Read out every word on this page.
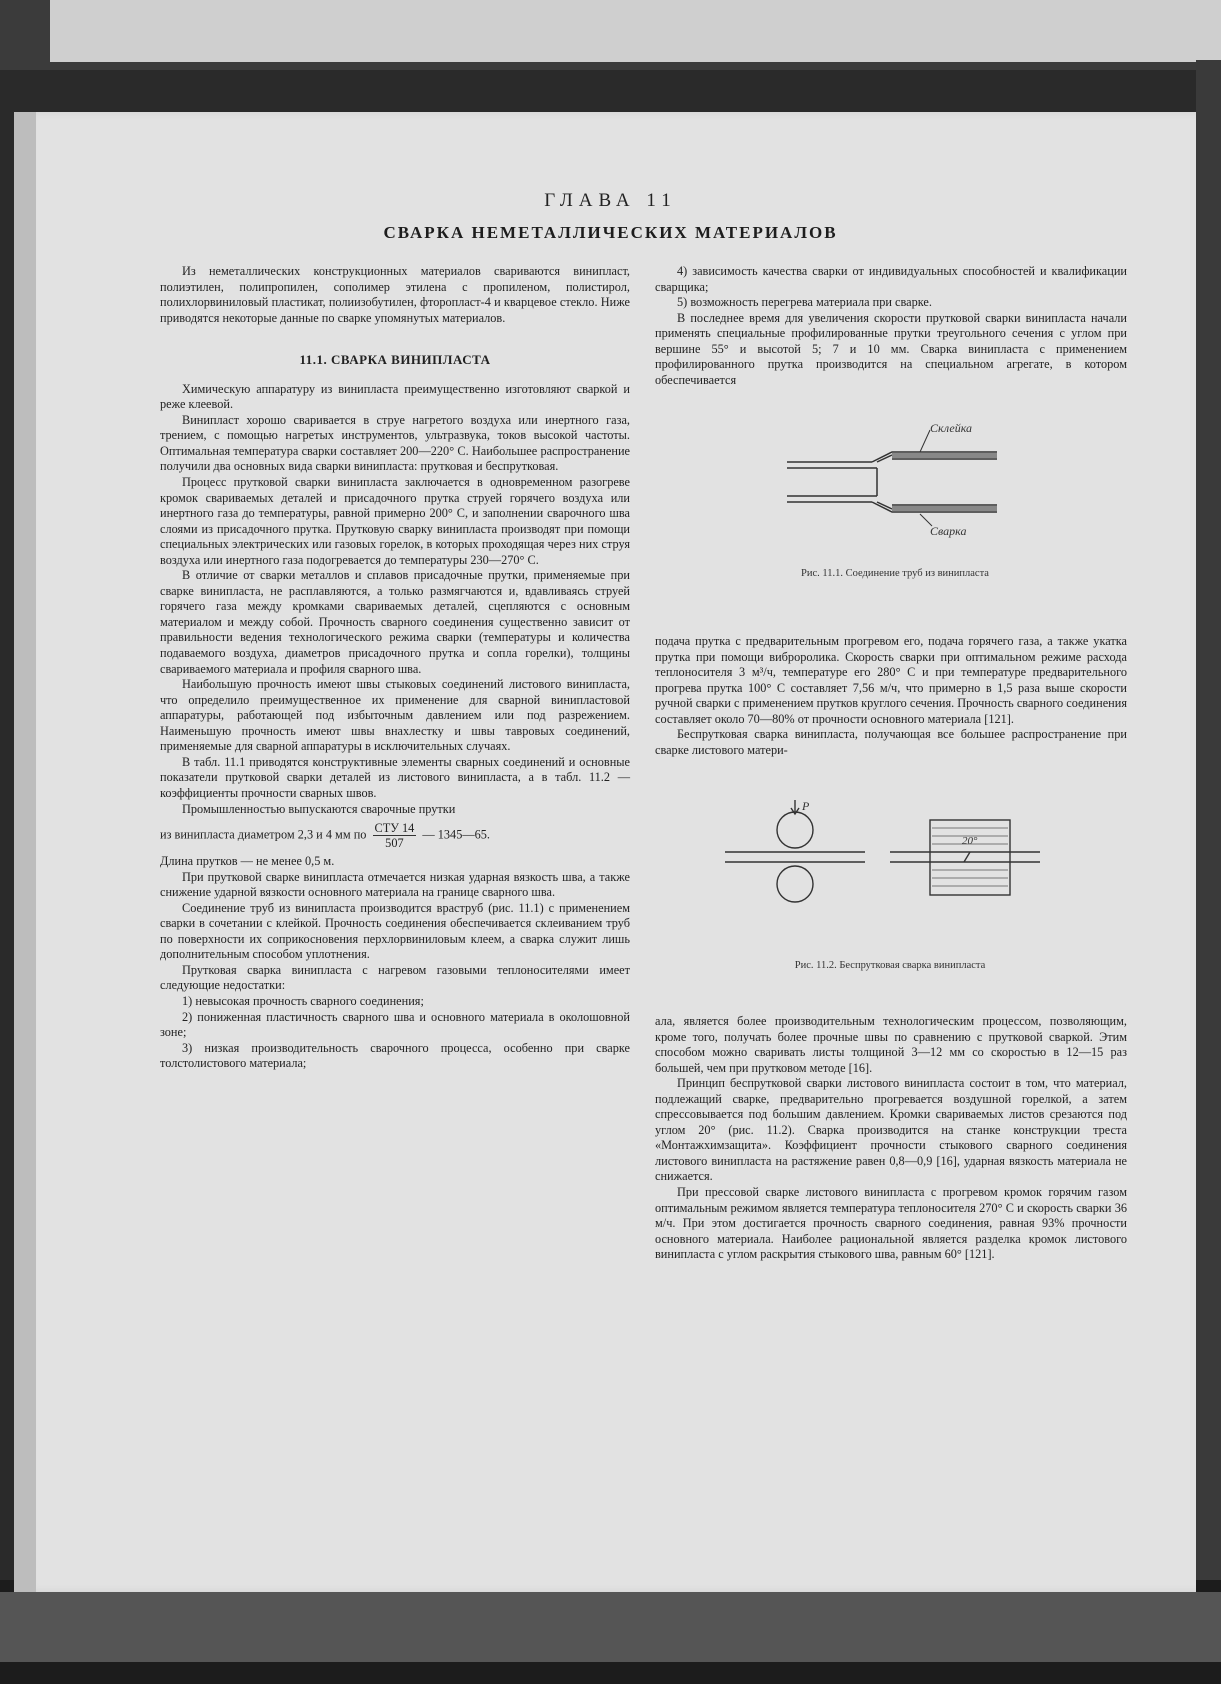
ГЛАВА 11
СВАРКА НЕМЕТАЛЛИЧЕСКИХ МАТЕРИАЛОВ

Из неметаллических конструкционных материалов свариваются винипласт, полиэтилен, полипропилен, сополимер этилена с пропиленом, полистирол, полихлорвиниловый пластикат, полиизобутилен, фторопласт-4 и кварцевое стекло. Ниже приводятся некоторые данные по сварке упомянутых материалов.

11.1. СВАРКА ВИНИПЛАСТА

Химическую аппаратуру из винипласта преимущественно изготовляют сваркой и реже клеевой.

Винипласт хорошо сваривается в струе нагретого воздуха или инертного газа, трением, с помощью нагретых инструментов, ультразвука, токов высокой частоты. Оптимальная температура сварки составляет 200—220° С. Наибольшее распространение получили два основных вида сварки винипласта: прутковая и беспрутковая.

Процесс прутковой сварки винипласта заключается в одновременном разогреве кромок свариваемых деталей и присадочного прутка струей горячего воздуха или инертного газа до температуры, равной примерно 200° С, и заполнении сварочного шва слоями из присадочного прутка. Прутковую сварку винипласта производят при помощи специальных электрических или газовых горелок, в которых проходящая через них струя воздуха или инертного газа подогревается до температуры 230—270° С.

В отличие от сварки металлов и сплавов присадочные прутки, применяемые при сварке винипласта, не расплавляются, а только размягчаются и, вдавливаясь струей горячего газа между кромками свариваемых деталей, сцепляются с основным материалом и между собой. Прочность сварного соединения существенно зависит от правильности ведения технологического режима сварки (температуры и количества подаваемого воздуха, диаметров присадочного прутка и сопла горелки), толщины свариваемого материала и профиля сварного шва.

Наибольшую прочность имеют швы стыковых соединений листового винипласта, что определило преимущественное их применение для сварной винипластовой аппаратуры, работающей под избыточным давлением или под разрежением. Наименьшую прочность имеют швы внахлестку и швы тавровых соединений, применяемые для сварной аппаратуры в исключительных случаях.

В табл. 11.1 приводятся конструктивные элементы сварных соединений и основные показатели прутковой сварки деталей из листового винипласта, а в табл. 11.2 — коэффициенты прочности сварных швов.

Промышленностью выпускаются сварочные прутки

из винипласта диаметром 2,3 и 4 мм по $\frac{\text{СТУ 14}}{507}$ — 1345—65.

Длина прутков — не менее 0,5 м.

При прутковой сварке винипласта отмечается низкая ударная вязкость шва, а также снижение ударной вязкости основного материала на границе сварного шва.

Соединение труб из винипласта производится враструб (рис. 11.1) с применением сварки в сочетании с клейкой. Прочность соединения обеспечивается склеиванием труб по поверхности их соприкосновения перхлорвиниловым клеем, а сварка служит лишь дополнительным способом уплотнения.

Прутковая сварка винипласта с нагревом газовыми теплоносителями имеет следующие недостатки:

1) невысокая прочность сварного соединения;

2) пониженная пластичность сварного шва и основного материала в околошовной зоне;

3) низкая производительность сварочного процесса, особенно при сварке толстолистового материала;

4) зависимость качества сварки от индивидуальных способностей и квалификации сварщика;

5) возможность перегрева материала при сварке.

В последнее время для увеличения скорости прутковой сварки винипласта начали применять специальные профилированные прутки треугольного сечения с углом при вершине 55° и высотой 5; 7 и 10 мм. Сварка винипласта с применением профилированного прутка производится на специальном агрегате, в котором обеспечивается

Склейка
Сварка
Рис. 11.1. Соединение труб из винипласта

подача прутка с предварительным прогревом его, подача горячего газа, а также укатка прутка при помощи виброролика. Скорость сварки при оптимальном режиме расхода теплоносителя 3 м³/ч, температуре его 280° С и при температуре предварительного прогрева прутка 100° С составляет 7,56 м/ч, что примерно в 1,5 раза выше скорости ручной сварки с применением прутков круглого сечения. Прочность сварного соединения составляет около 70—80% от прочности основного материала [121].

Беспрутковая сварка винипласта, получающая все большее распространение при сварке листового матери-

P
20°
Рис. 11.2. Беспрутковая сварка винипласта

ала, является более производительным технологическим процессом, позволяющим, кроме того, получать более прочные швы по сравнению с прутковой сваркой. Этим способом можно сваривать листы толщиной 3—12 мм со скоростью в 12—15 раз большей, чем при прутковом методе [16].

Принцип беспрутковой сварки листового винипласта состоит в том, что материал, подлежащий сварке, предварительно прогревается воздушной горелкой, а затем спрессовывается под большим давлением. Кромки свариваемых листов срезаются под углом 20° (рис. 11.2). Сварка производится на станке конструкции треста «Монтажхимзащита». Коэффициент прочности стыкового сварного соединения листового винипласта на растяжение равен 0,8—0,9 [16], ударная вязкость материала не снижается.

При прессовой сварке листового винипласта с прогревом кромок горячим газом оптимальным режимом является температура теплоносителя 270° С и скорость сварки 36 м/ч. При этом достигается прочность сварного соединения, равная 93% прочности основного материала. Наиболее рациональной является разделка кромок листового винипласта с углом раскрытия стыкового шва, равным 60° [121].
